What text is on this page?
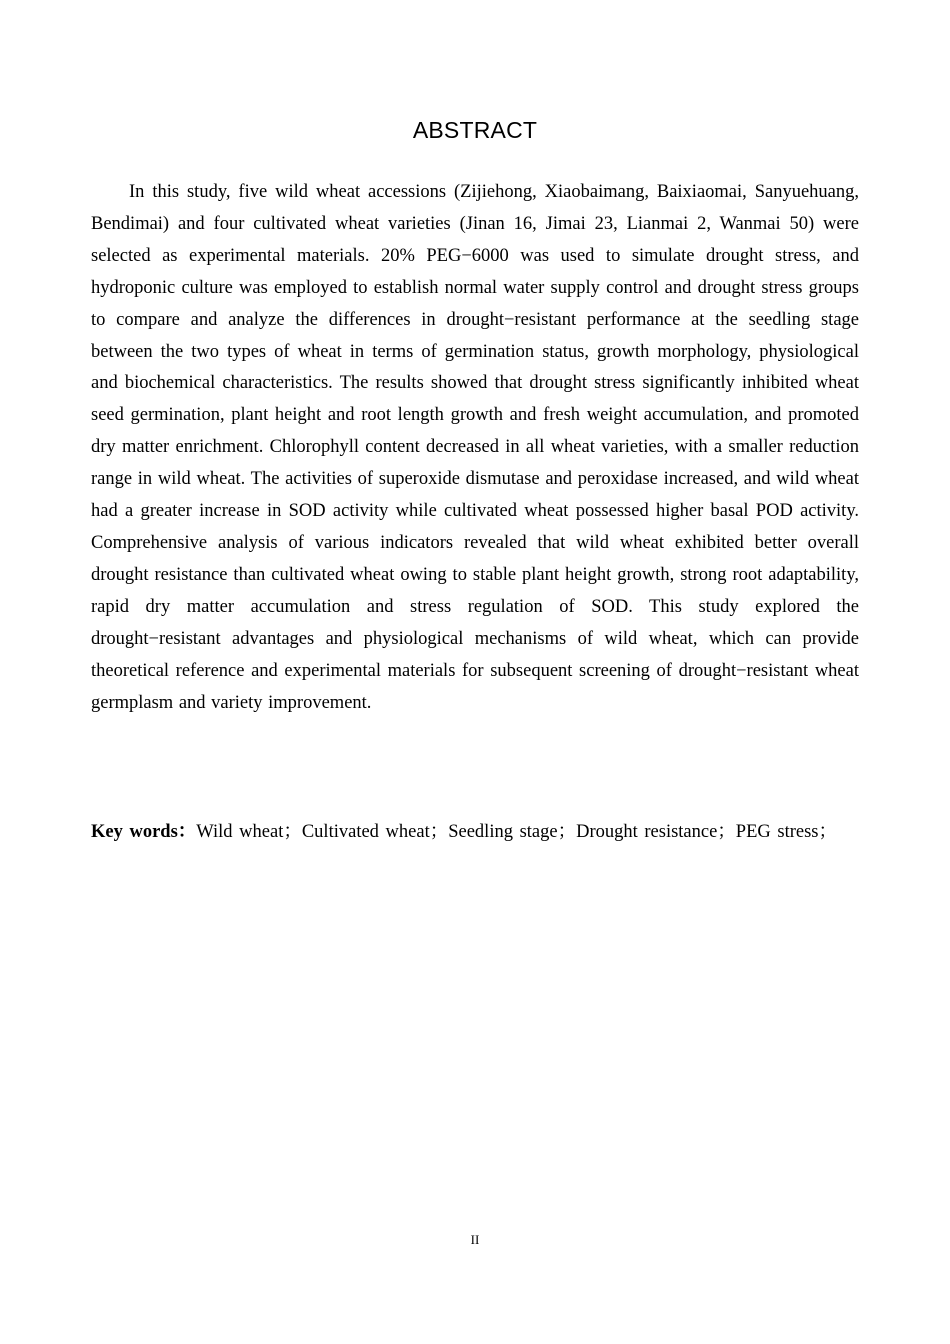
ABSTRACT

In this study, five wild wheat accessions (Zijiehong, Xiaobaimang, Baixiaomai, Sanyuehuang, Bendimai) and four cultivated wheat varieties (Jinan 16, Jimai 23, Lianmai 2, Wanmai 50) were selected as experimental materials. 20% PEG−6000 was used to simulate drought stress, and hydroponic culture was employed to establish normal water supply control and drought stress groups to compare and analyze the differences in drought−resistant performance at the seedling stage between the two types of wheat in terms of germination status, growth morphology, physiological and biochemical characteristics. The results showed that drought stress significantly inhibited wheat seed germination, plant height and root length growth and fresh weight accumulation, and promoted dry matter enrichment. Chlorophyll content decreased in all wheat varieties, with a smaller reduction range in wild wheat. The activities of superoxide dismutase and peroxidase increased, and wild wheat had a greater increase in SOD activity while cultivated wheat possessed higher basal POD activity. Comprehensive analysis of various indicators revealed that wild wheat exhibited better overall drought resistance than cultivated wheat owing to stable plant height growth, strong root adaptability, rapid dry matter accumulation and stress regulation of SOD. This study explored the drought−resistant advantages and physiological mechanisms of wild wheat, which can provide theoretical reference and experimental materials for subsequent screening of drought−resistant wheat germplasm and variety improvement.

Key words：Wild wheat；Cultivated wheat；Seedling stage；Drought resistance；PEG stress；

II
